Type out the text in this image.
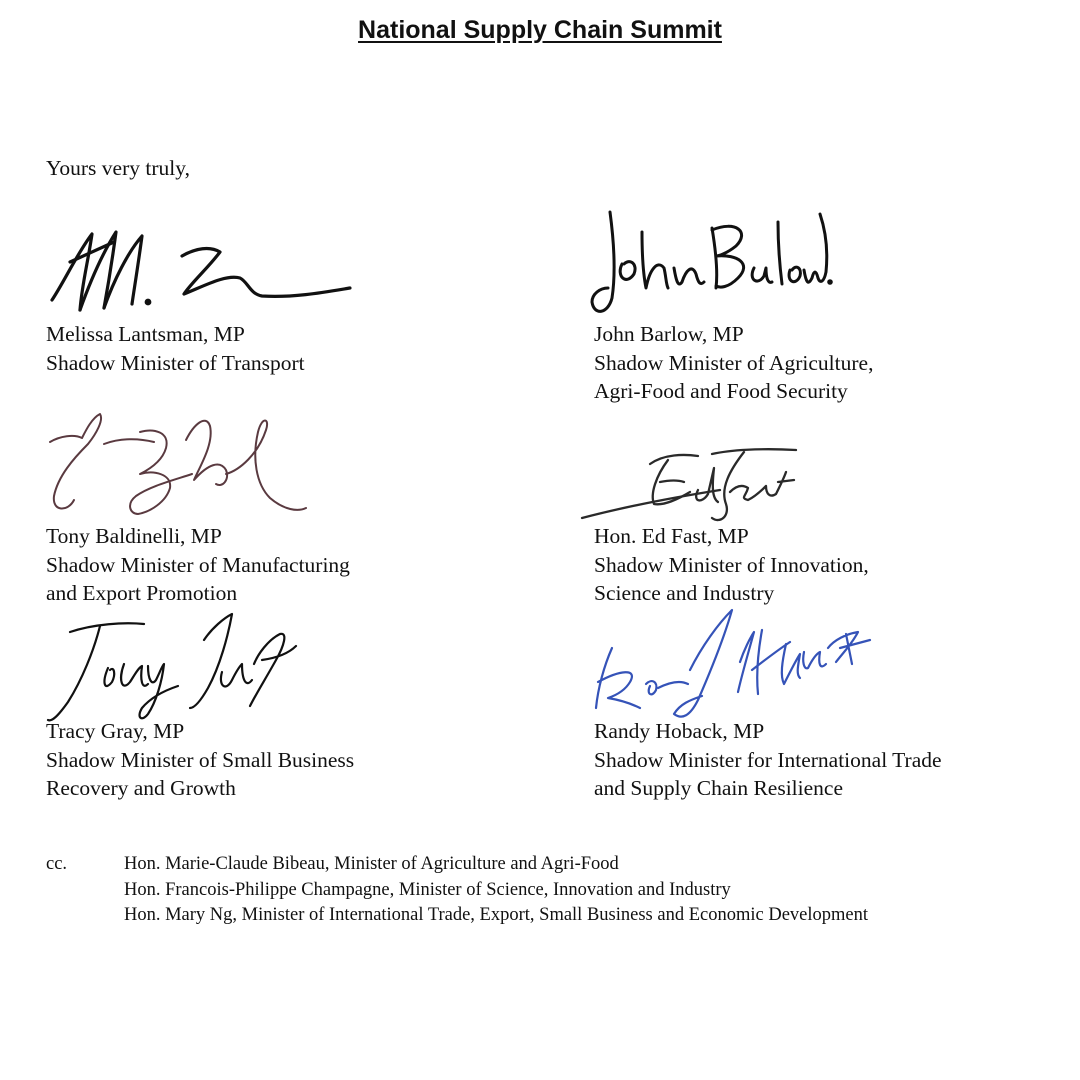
National Supply Chain Summit
Yours very truly,
Melissa Lantsman, MP
Shadow Minister of Transport
John Barlow, MP
Shadow Minister of Agriculture,
Agri-Food and Food Security
Tony Baldinelli, MP
Shadow Minister of Manufacturing
and Export Promotion
Hon. Ed Fast, MP
Shadow Minister of Innovation,
Science and Industry
Tracy Gray, MP
Shadow Minister of Small Business
Recovery and Growth
Randy Hoback, MP
Shadow Minister for International Trade
and Supply Chain Resilience
cc.	Hon. Marie-Claude Bibeau, Minister of Agriculture and Agri-Food
Hon. Francois-Philippe Champagne, Minister of Science, Innovation and Industry
Hon. Mary Ng, Minister of International Trade, Export, Small Business and Economic Development
